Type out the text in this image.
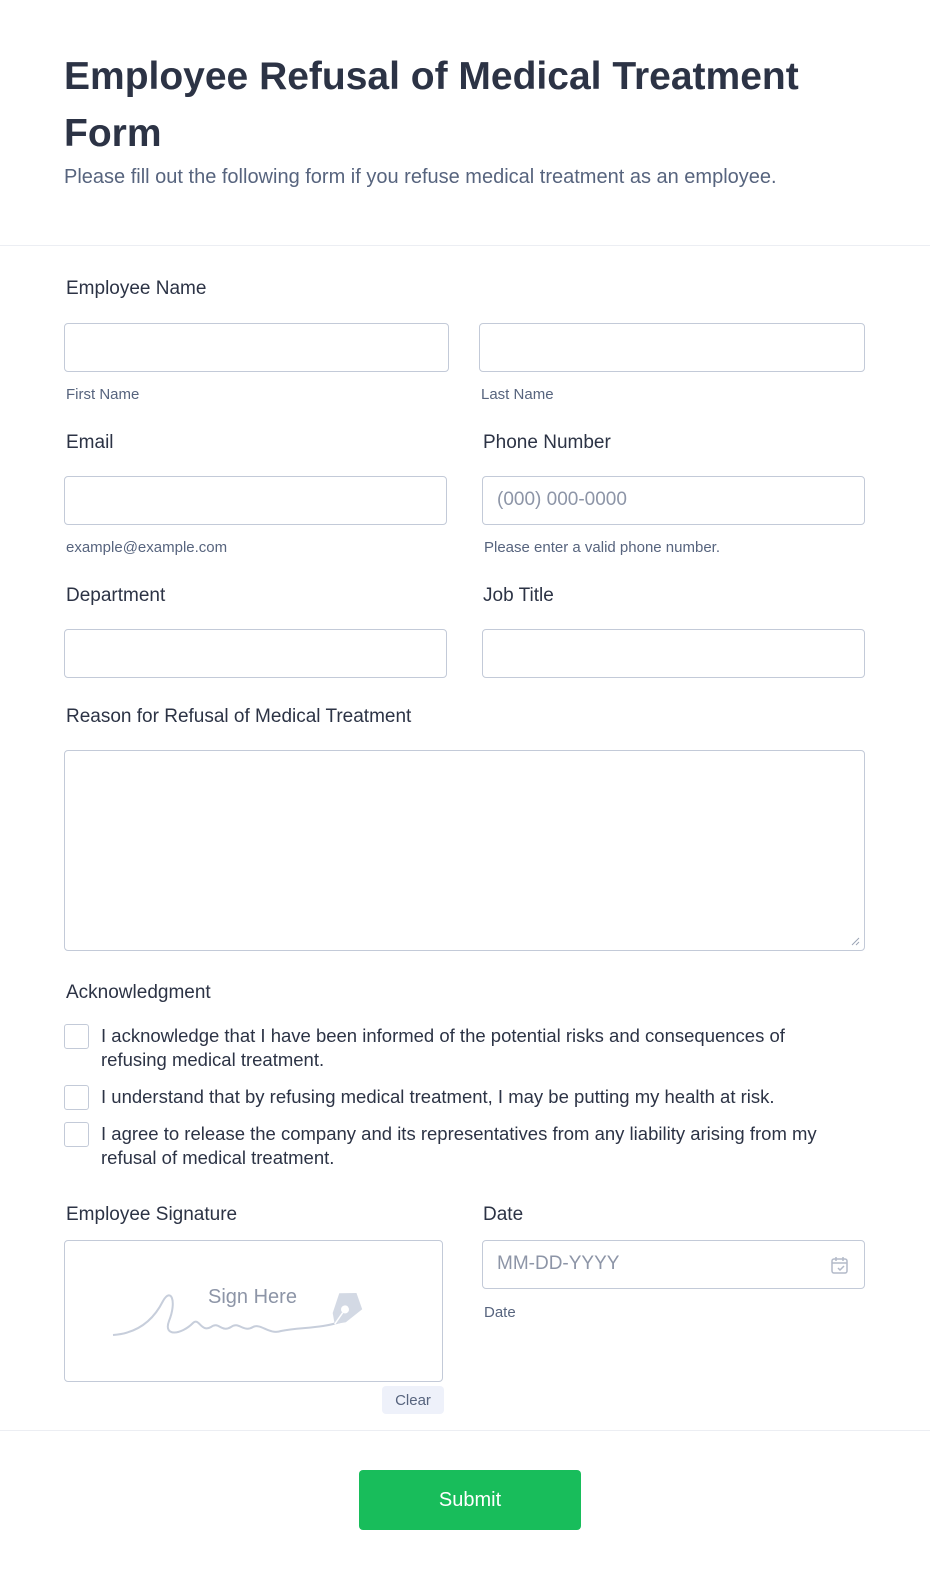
Employee Refusal of Medical Treatment Form

Please fill out the following form if you refuse medical treatment as an employee.

Employee Name
First Name	Last Name
Email	Phone Number
(000) 000-0000
example@example.com	Please enter a valid phone number.
Department	Job Title
Reason for Refusal of Medical Treatment
Acknowledgment
I acknowledge that I have been informed of the potential risks and consequences of refusing medical treatment.
I understand that by refusing medical treatment, I may be putting my health at risk.
I agree to release the company and its representatives from any liability arising from my refusal of medical treatment.
Employee Signature	Date
Sign Here
Clear
MM-DD-YYYY
Date
Submit
